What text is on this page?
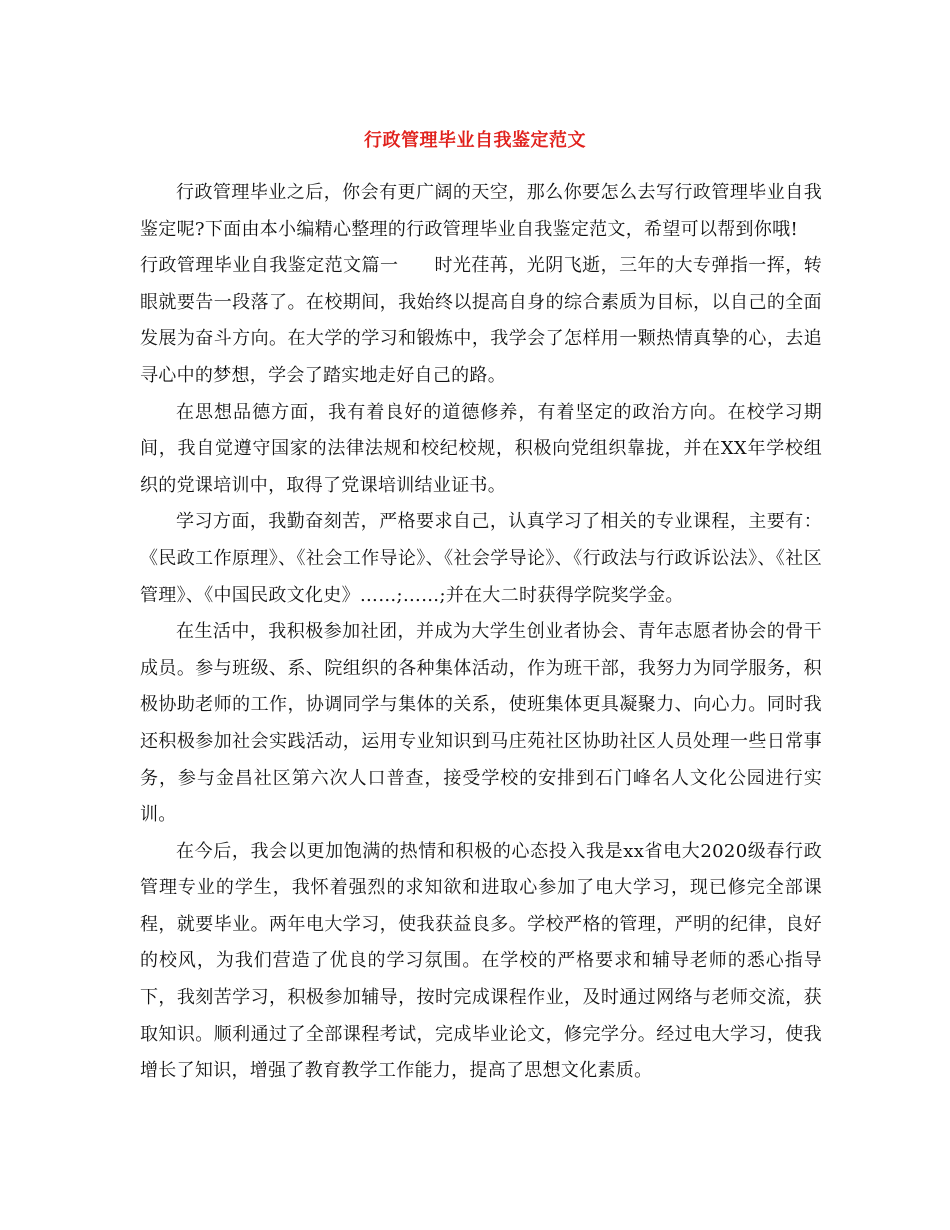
行政管理毕业自我鉴定范文

行政管理毕业之后，你会有更广阔的天空，那么你要怎么去写行政管理毕业自我鉴定呢?下面由本小编精心整理的行政管理毕业自我鉴定范文，希望可以帮到你哦!

行政管理毕业自我鉴定范文篇一 时光荏苒，光阴飞逝，三年的大专弹指一挥，转眼就要告一段落了。在校期间，我始终以提高自身的综合素质为目标，以自己的全面发展为奋斗方向。在大学的学习和锻炼中，我学会了怎样用一颗热情真挚的心，去追寻心中的梦想，学会了踏实地走好自己的路。

在思想品德方面，我有着良好的道德修养，有着坚定的政治方向。在校学习期间，我自觉遵守国家的法律法规和校纪校规，积极向党组织靠拢，并在XX年学校组织的党课培训中，取得了党课培训结业证书。

学习方面，我勤奋刻苦，严格要求自己，认真学习了相关的专业课程，主要有：《民政工作原理》、《社会工作导论》、《社会学导论》、《行政法与行政诉讼法》、《社区管理》、《中国民政文化史》……;……;并在大二时获得学院奖学金。

在生活中，我积极参加社团，并成为大学生创业者协会、青年志愿者协会的骨干成员。参与班级、系、院组织的各种集体活动，作为班干部，我努力为同学服务，积极协助老师的工作，协调同学与集体的关系，使班集体更具凝聚力、向心力。同时我还积极参加社会实践活动，运用专业知识到马庄苑社区协助社区人员处理一些日常事务，参与金昌社区第六次人口普查，接受学校的安排到石门峰名人文化公园进行实训。

在今后，我会以更加饱满的热情和积极的心态投入我是xx省电大2020级春行政管理专业的学生，我怀着强烈的求知欲和进取心参加了电大学习，现已修完全部课程，就要毕业。两年电大学习，使我获益良多。学校严格的管理，严明的纪律，良好的校风，为我们营造了优良的学习氛围。在学校的严格要求和辅导老师的悉心指导下，我刻苦学习，积极参加辅导，按时完成课程作业，及时通过网络与老师交流，获取知识。顺利通过了全部课程考试，完成毕业论文，修完学分。经过电大学习，使我增长了知识，增强了教育教学工作能力，提高了思想文化素质。
